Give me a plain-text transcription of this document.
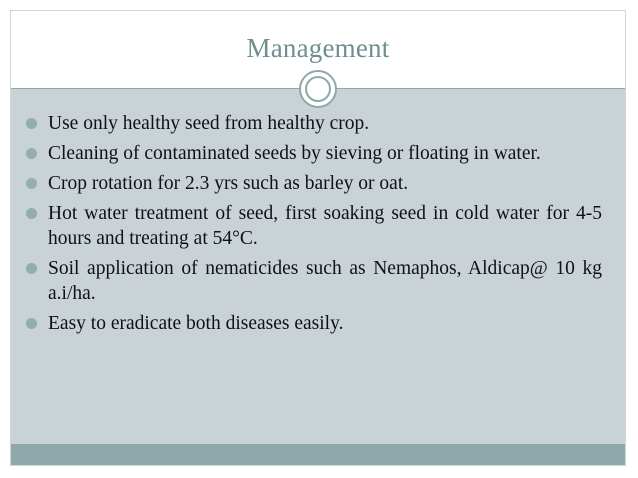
Management
Use only healthy seed from healthy crop.
Cleaning of contaminated seeds by sieving or floating in water.
Crop rotation for 2.3 yrs such as barley or oat.
Hot water treatment of seed, first soaking seed in cold water for 4-5 hours and treating at 54°C.
Soil application of nematicides such as Nemaphos, Aldicap@ 10 kg a.i/ha.
Easy to eradicate both diseases easily.
